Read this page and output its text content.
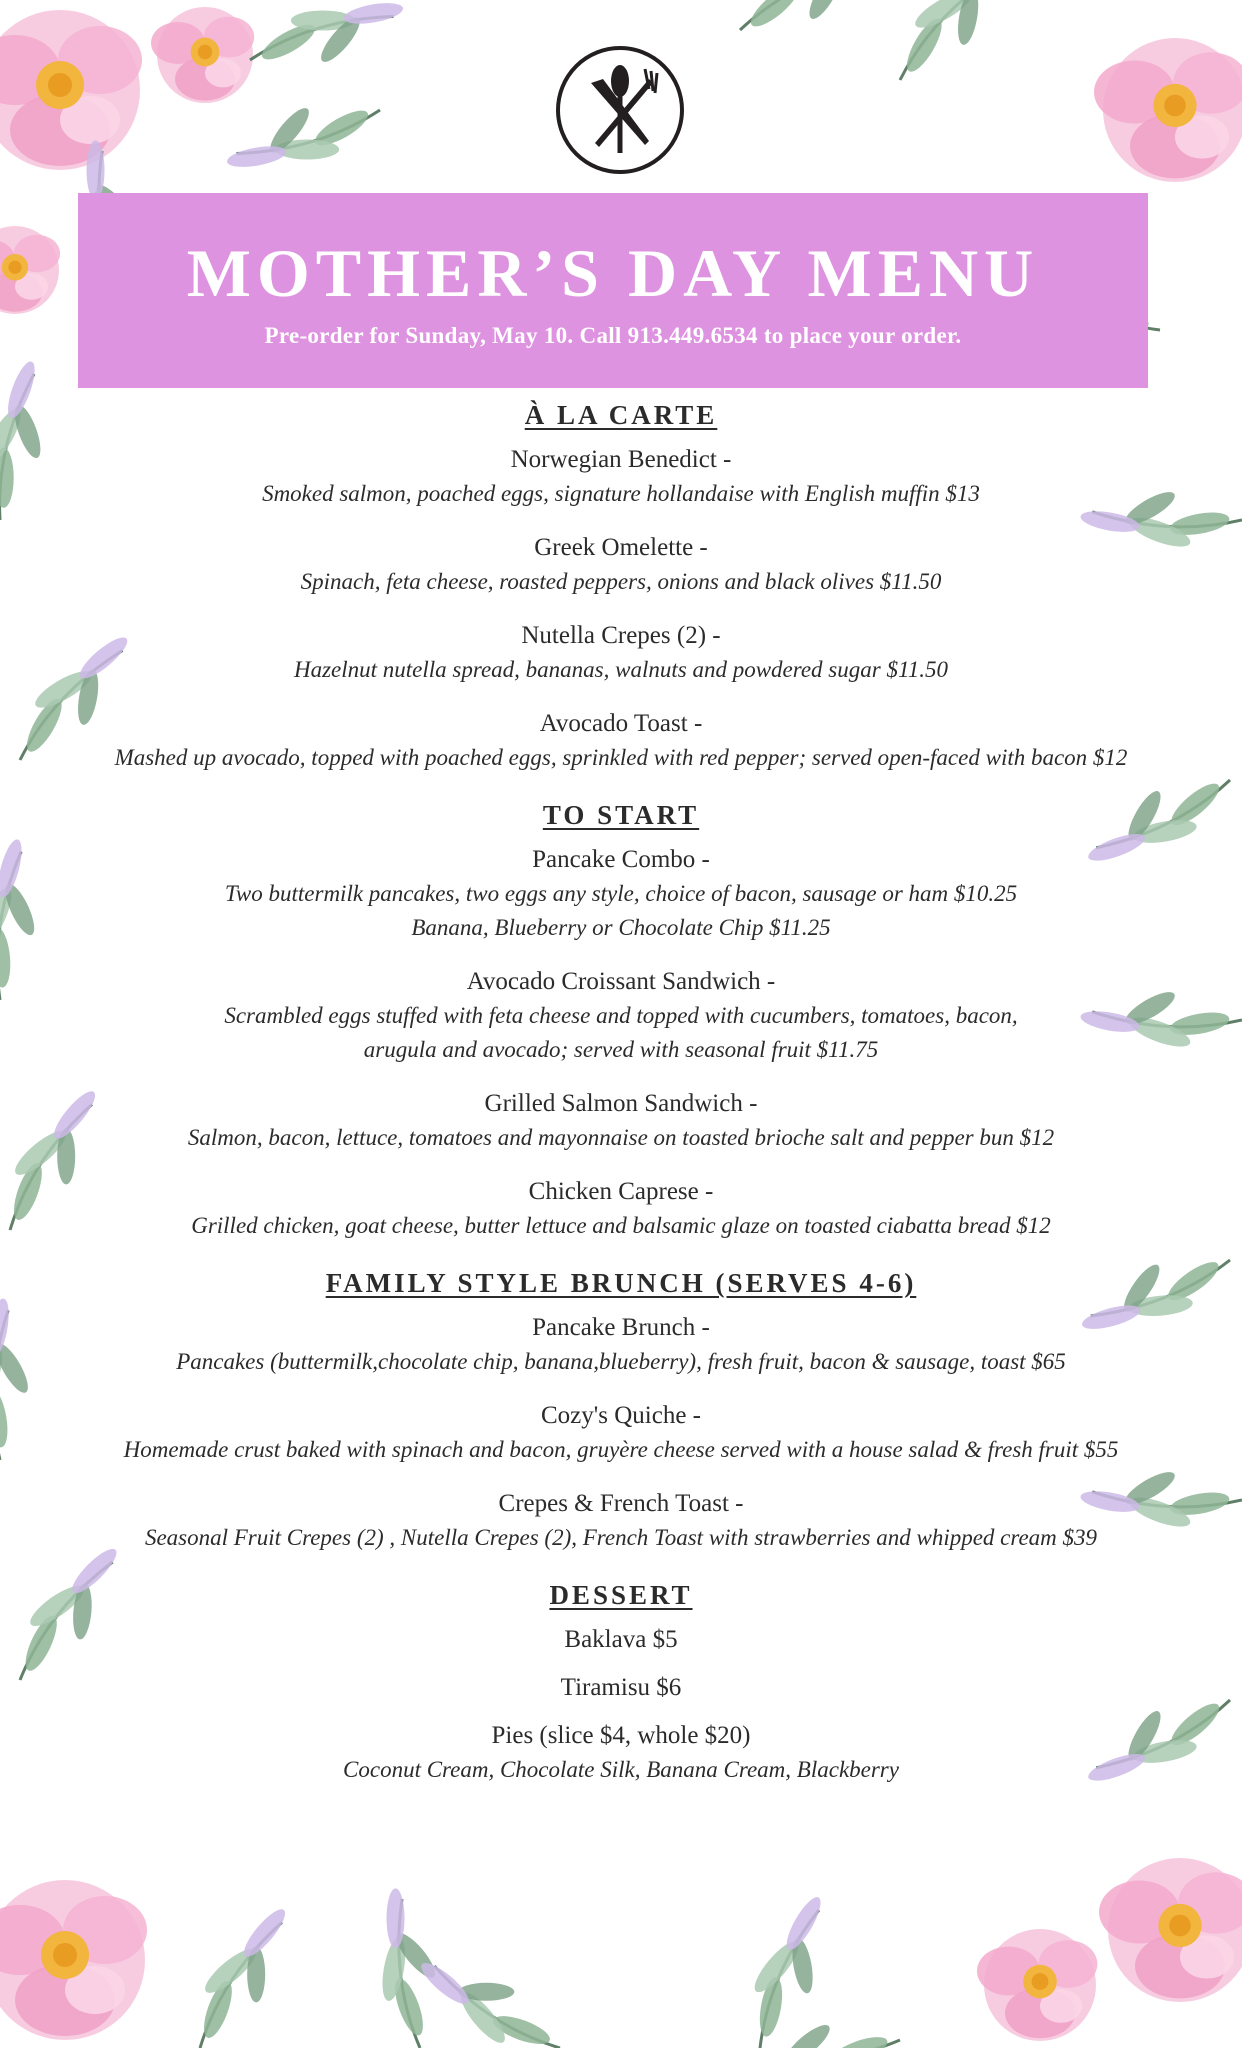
MOTHER’S DAY MENU
Pre-order for Sunday, May 10. Call 913.449.6534 to place your order.
À LA CARTE
Norwegian Benedict -
Smoked salmon, poached eggs, signature hollandaise with English muffin $13
Greek Omelette -
Spinach, feta cheese, roasted peppers, onions and black olives $11.50
Nutella Crepes (2) -
Hazelnut nutella spread, bananas, walnuts and powdered sugar $11.50
Avocado Toast -
Mashed up avocado, topped with poached eggs, sprinkled with red pepper; served open-faced with bacon $12
TO START
Pancake Combo -
Two buttermilk pancakes, two eggs any style, choice of bacon, sausage or ham $10.25
Banana, Blueberry or Chocolate Chip $11.25
Avocado Croissant Sandwich -
Scrambled eggs stuffed with feta cheese and topped with cucumbers, tomatoes, bacon,
arugula and avocado; served with seasonal fruit $11.75
Grilled Salmon Sandwich -
Salmon, bacon, lettuce, tomatoes and mayonnaise on toasted brioche salt and pepper bun $12
Chicken Caprese -
Grilled chicken, goat cheese, butter lettuce and balsamic glaze on toasted ciabatta bread $12
FAMILY STYLE BRUNCH (SERVES 4-6)
Pancake Brunch -
Pancakes (buttermilk,chocolate chip, banana,blueberry), fresh fruit, bacon & sausage, toast $65
Cozy's Quiche -
Homemade crust baked with spinach and bacon, gruyère cheese served with a house salad & fresh fruit $55
Crepes & French Toast -
Seasonal Fruit Crepes (2) , Nutella Crepes (2), French Toast with strawberries and whipped cream $39
DESSERT
Baklava $5
Tiramisu $6
Pies (slice $4, whole $20)
Coconut Cream, Chocolate Silk, Banana Cream, Blackberry
